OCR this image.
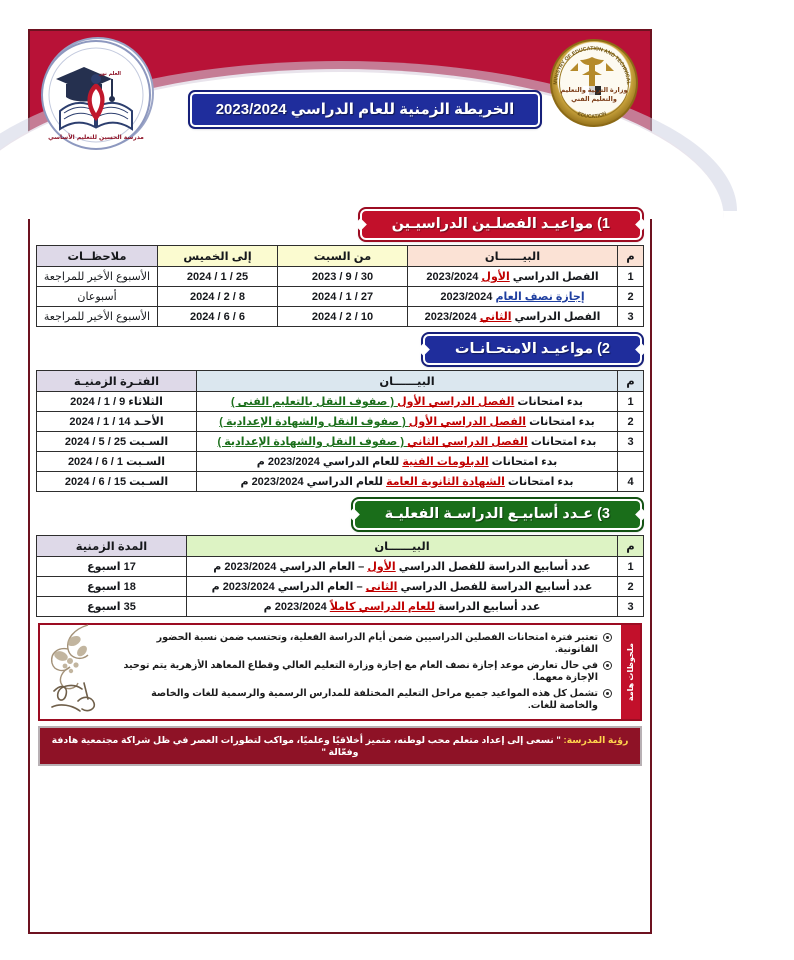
مدرسة الحسين للتعليم الأساسي
العلم نور
وزارة التربية والتعليم والتعليم الفني
MINISTRY OF EDUCATION AND TECHNICAL
EDUCATION
الخريطة الزمنية للعام الدراسي 2023/2024

1) مواعيـد الفصلـين الدراسيـين
م	البيــــــان	من السبت	إلى الخميس	ملاحظــات
1	الفصل الدراسي الأول 2023/2024	30 / 9 / 2023	25 / 1 / 2024	الأسبوع الأخير للمراجعة
2	إجازة نصف العام 2023/2024	27 / 1 / 2024	8 / 2 / 2024	أسبوعان
3	الفصل الدراسي الثاني 2023/2024	10 / 2 / 2024	6 / 6 / 2024	الأسبوع الأخير للمراجعة
2) مواعيـد الامتحـانـات
م	البيــــــان	الفتـرة الزمنيـة
1	بدء امتحانات الفصل الدراسي الأول ( صفوف النقل بالتعليم الفنى )	الثلاثاء 9 / 1 / 2024
2	بدء امتحانات الفصل الدراسي الأول ( صفوف النقل والشهادة الإعدادية )	الأحـد 14 / 1 / 2024
3	بدء امتحانات الفصل الدراسي الثاني ( صفوف النقل والشهادة الإعدادية )	السـبت 25 / 5 / 2024
	بدء امتحانات الدبلومات الفنية للعام الدراسي 2023/2024 م	السـبت 1 / 6 / 2024
4	بدء امتحانات الشهادة الثانوية العامة للعام الدراسي 2023/2024 م	السـبت 15 / 6 / 2024
3) عـدد أسابيـع الدراسـة الفعليـة
م	البيــــــان	المدة الزمنية
1	عدد أسابيع الدراسة للفصل الدراسي الأول – العام الدراسي 2023/2024 م	17 اسبوع
2	عدد أسابيع الدراسة للفصل الدراسي الثانى – العام الدراسي 2023/2024 م	18 اسبوع
3	عدد أسابيع الدراسة للعام الدراسي كاملاً 2023/2024 م	35 اسبوع
ملحوظات هامة
تعتبر فترة امتحانات الفصلين الدراسيين ضمن أيام الدراسة الفعلية، وتحتسب ضمن نسبة الحضور القانونية.
في حال تعارض موعد إجازة نصف العام مع إجازة وزارة التعليم العالي وقطاع المعاهد الأزهرية يتم توحيد الإجازة معهما.
تشمل كل هذه المواعيد جميع مراحل التعليم المختلفة للمدارس الرسمية والرسمية للغات والخاصة والخاصة للغات.
رؤية المدرسة: " نسعى إلى إعداد متعلم محب لوطنه، متميز أخلاقيًا وعلميًا، مواكب لتطورات العصر في ظل شراكة مجتمعية هادفة وفعّالة "
